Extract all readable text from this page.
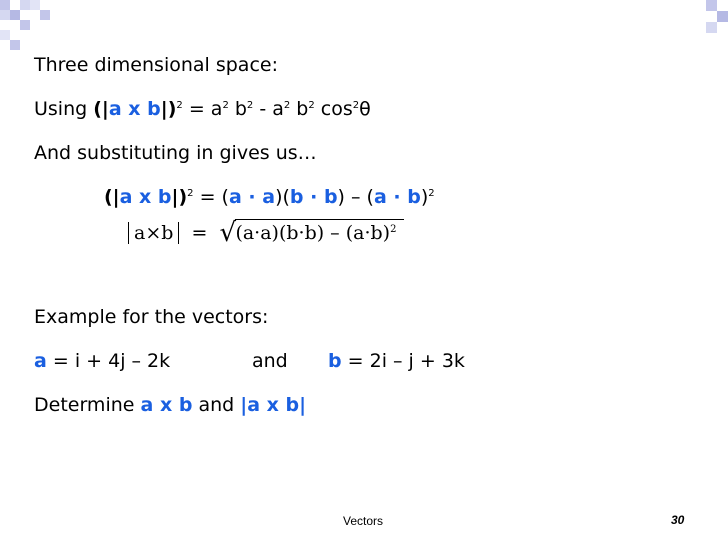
Three dimensional space:
Using (|a x $b|)^2 = a^2$ $b^2 - a^2$ $b^2$ $\cos^2\theta$
And substituting in gives us…
(|a x $b|)^2 = (a \cdot a)(b \cdot b) - (a \cdot b)^2$
a×b = √ $(a\cdot a)(b\cdot b) - (a\cdot b)^2$
Example for the vectors:
a = i + 4j – 2k	and b = 2i – j + 3k
Determine a x b and |a x b|
Vectors	30
